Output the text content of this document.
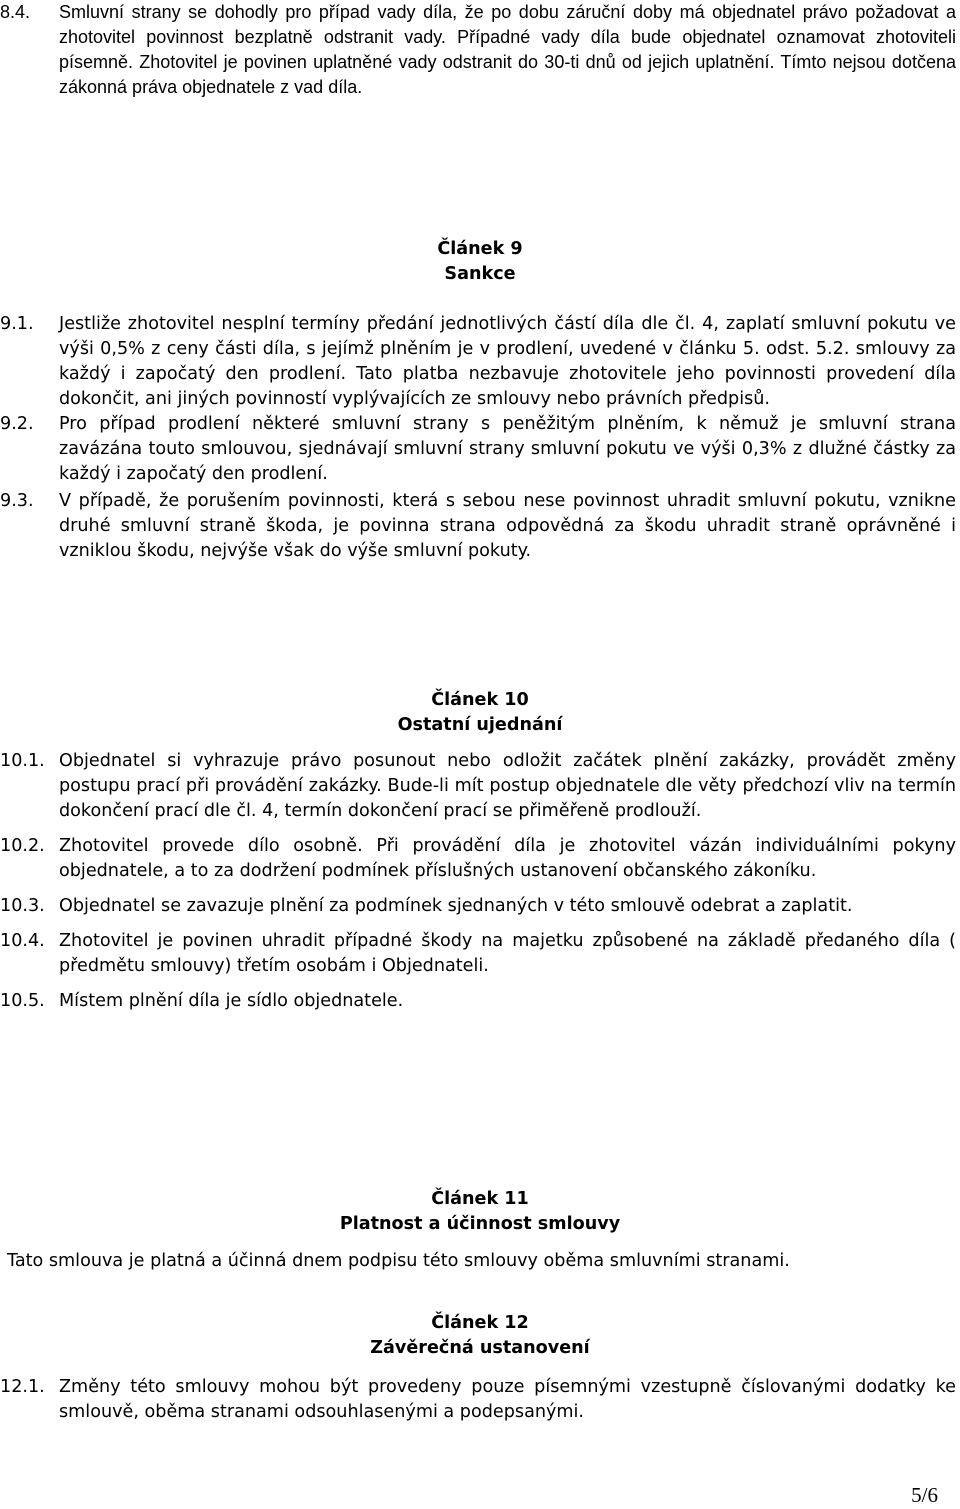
8.4.	Smluvní strany se dohodly pro případ vady díla, že po dobu záruční doby má objednatel právo požadovat a zhotovitel povinnost bezplatně odstranit vady. Případné vady díla bude objednatel oznamovat zhotoviteli písemně. Zhotovitel je povinen uplatněné vady odstranit do 30-ti dnů od jejich uplatnění. Tímto nejsou dotčena zákonná práva objednatele z vad díla.
Článek 9
Sankce
9.1.	Jestliže zhotovitel nesplní termíny předání jednotlivých částí díla dle čl. 4, zaplatí smluvní pokutu ve výši 0,5% z ceny části díla, s jejímž plněním je v prodlení, uvedené v článku 5. odst. 5.2. smlouvy za každý i započatý den prodlení. Tato platba nezbavuje zhotovitele jeho povinnosti provedení díla dokončit, ani jiných povinností vyplývajících ze smlouvy nebo právních předpisů.
9.2.	Pro případ prodlení některé smluvní strany s peněžitým plněním, k němuž je smluvní strana zavázána touto smlouvou, sjednávají smluvní strany smluvní pokutu ve výši 0,3% z dlužné částky za každý i započatý den prodlení.
9.3.	V případě, že porušením povinnosti, která s sebou nese povinnost uhradit smluvní pokutu, vznikne druhé smluvní straně škoda, je povinna strana odpovědná za škodu uhradit straně oprávněné i vzniklou škodu, nejvýše však do výše smluvní pokuty.
Článek 10
Ostatní ujednání
10.1. Objednatel si vyhrazuje právo posunout nebo odložit začátek plnění zakázky, provádět změny postupu prací při provádění zakázky. Bude-li mít postup objednatele dle věty předchozí vliv na termín dokončení prací dle čl. 4, termín dokončení prací se přiměřeně prodlouží.
10.2. Zhotovitel provede dílo osobně. Při provádění díla je zhotovitel vázán individuálními pokyny objednatele, a to za dodržení podmínek příslušných ustanovení občanského zákoníku.
10.3. Objednatel se zavazuje plnění za podmínek sjednaných v této smlouvě odebrat a zaplatit.
10.4. Zhotovitel je povinen uhradit případné škody na majetku způsobené na základě předaného díla ( předmětu smlouvy) třetím osobám i Objednateli.
10.5. Místem plnění díla je sídlo objednatele.
Článek 11
Platnost a účinnost smlouvy
Tato smlouva je platná a účinná dnem podpisu této smlouvy oběma smluvními stranami.
Článek 12
Závěrečná ustanovení
12.1. Změny této smlouvy mohou být provedeny pouze písemnými vzestupně číslovanými dodatky ke smlouvě, oběma stranami odsouhlasenými a podepsanými.
5/6
